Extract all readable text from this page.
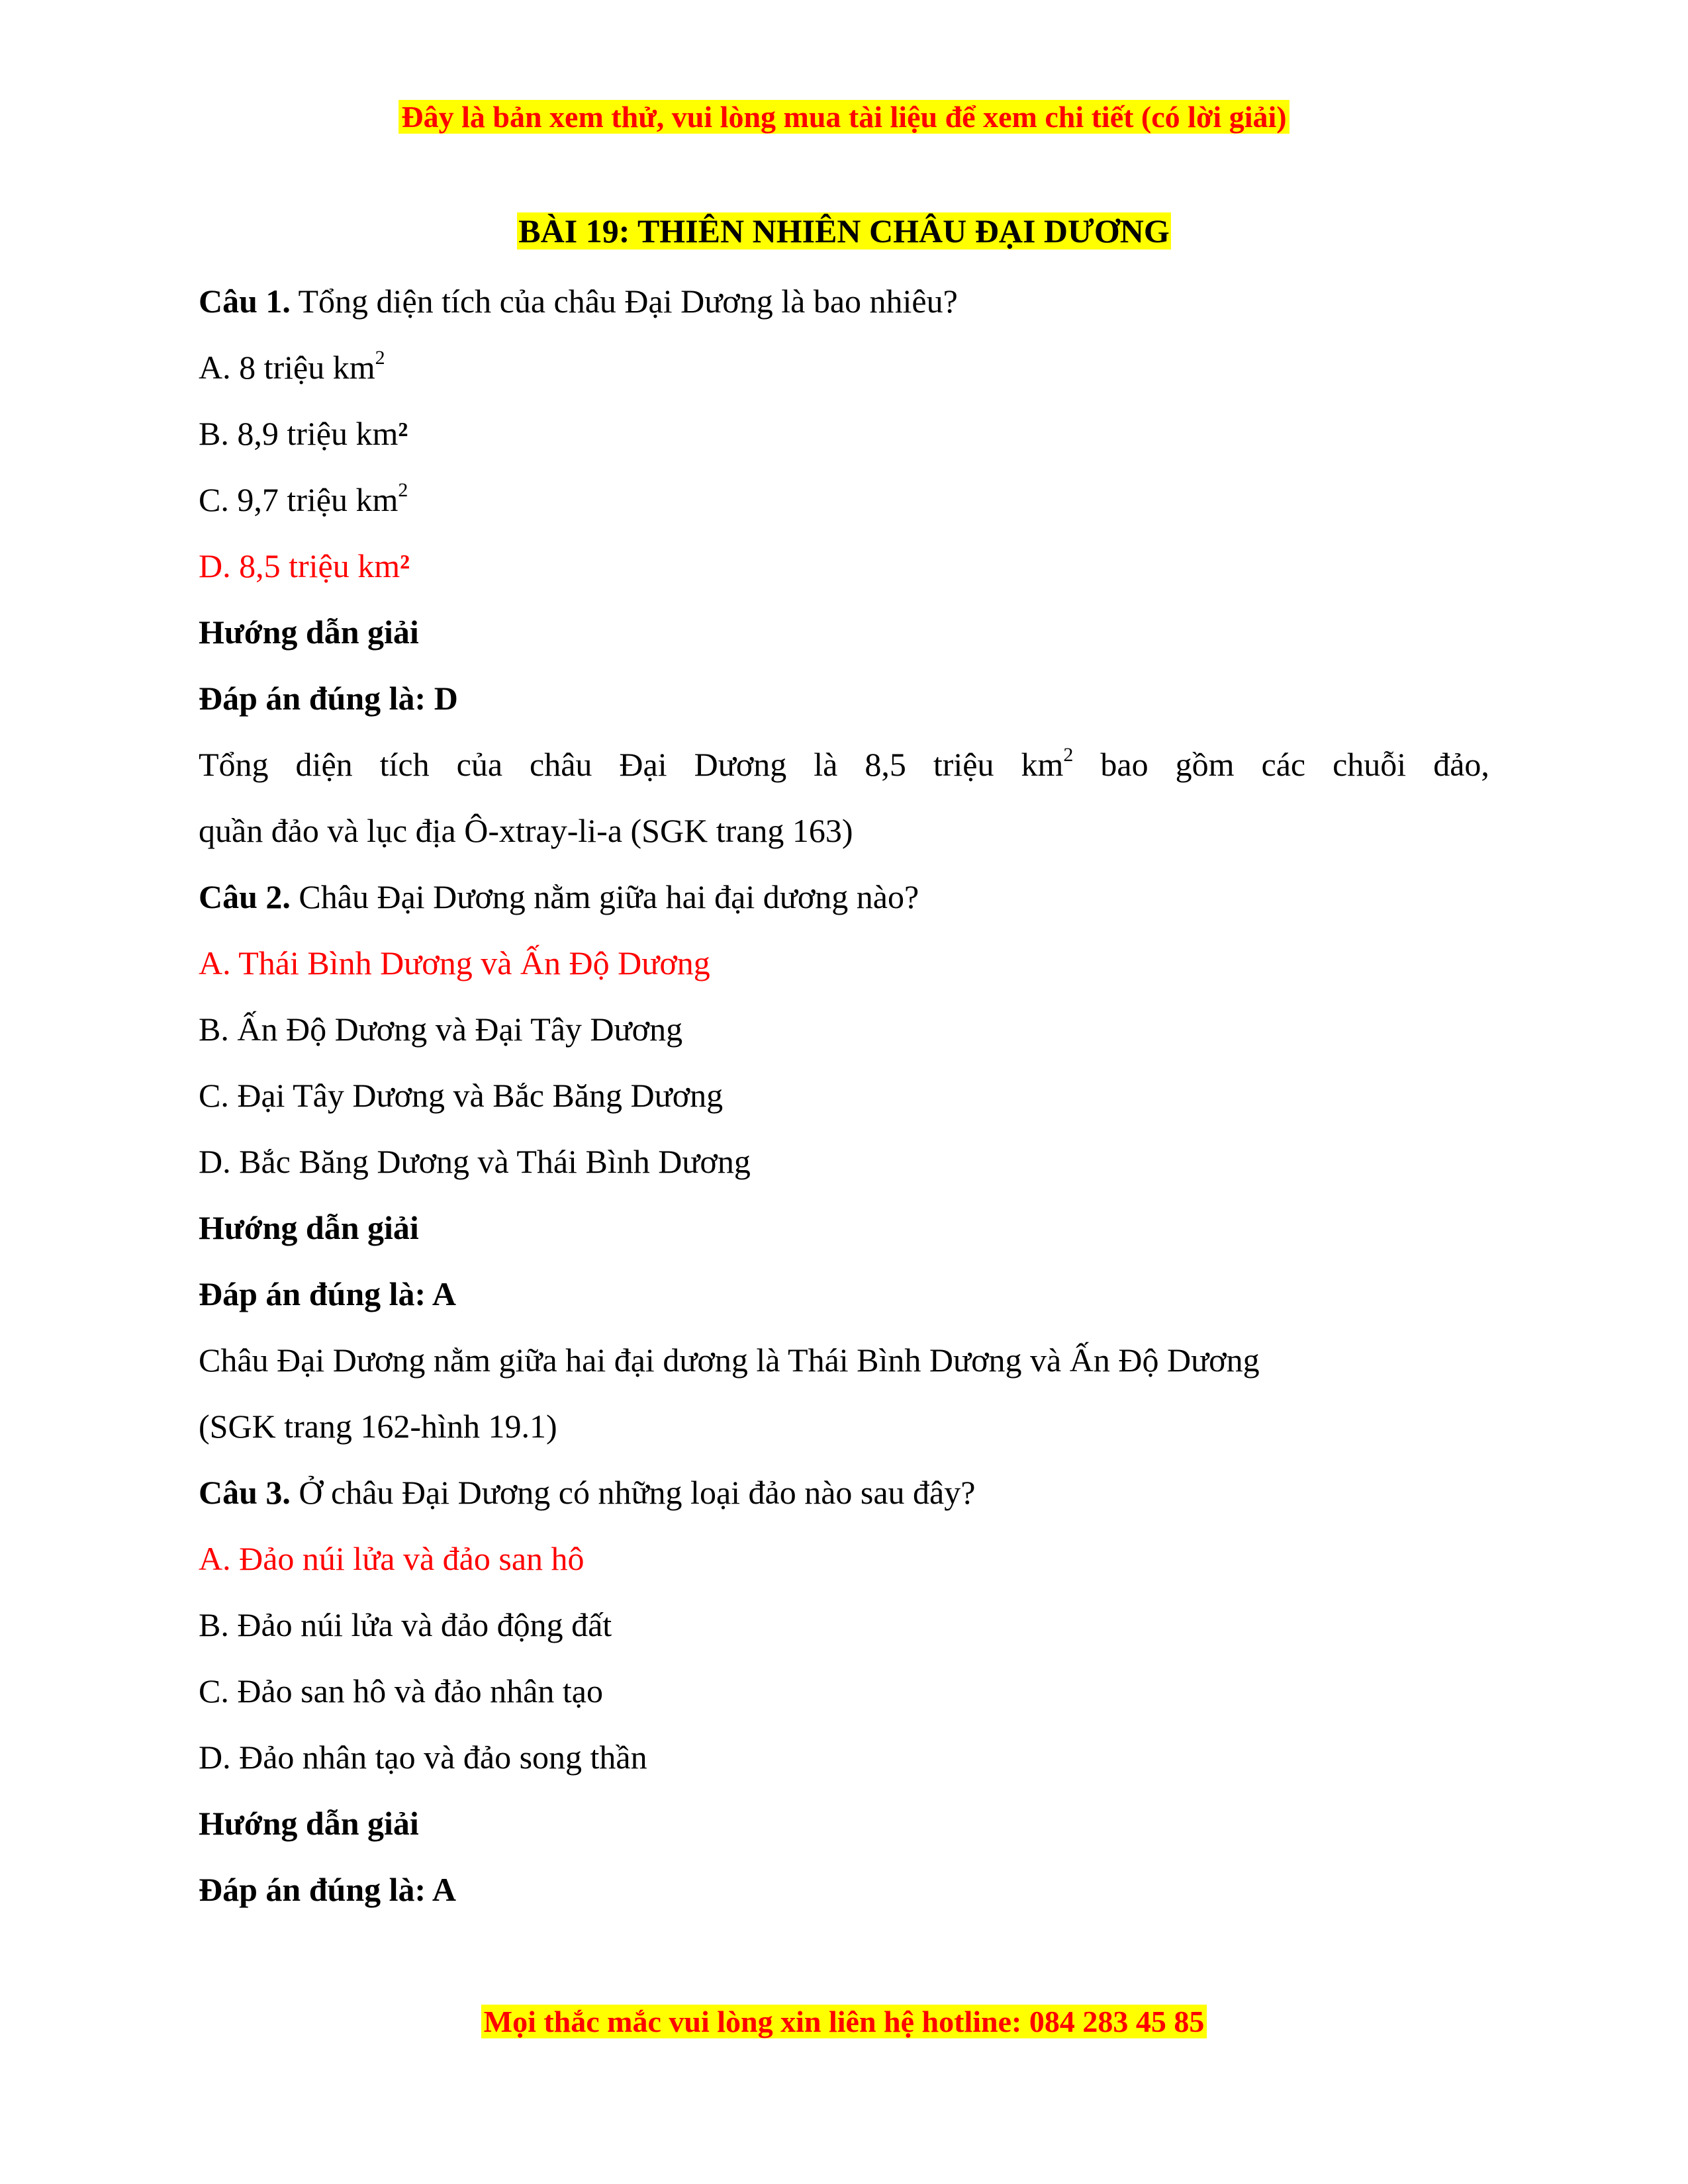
Đây là bản xem thử, vui lòng mua tài liệu để xem chi tiết (có lời giải)
BÀI 19: THIÊN NHIÊN CHÂU ĐẠI DƯƠNG
Câu 1. Tổng diện tích của châu Đại Dương là bao nhiêu?
A. 8 triệu $km^2$
B. 8,9 triệu km²
C. 9,7 triệu $km^2$
D. 8,5 triệu km²
Hướng dẫn giải
Đáp án đúng là: D
Tổng diện tích của châu Đại Dương là 8,5 triệu $km^2$ bao gồm các chuỗi đảo,
quần đảo và lục địa Ô-xtray-li-a (SGK trang 163)
Câu 2. Châu Đại Dương nằm giữa hai đại dương nào?
A. Thái Bình Dương và Ấn Độ Dương
B. Ấn Độ Dương và Đại Tây Dương
C. Đại Tây Dương và Bắc Băng Dương
D. Bắc Băng Dương và Thái Bình Dương
Hướng dẫn giải
Đáp án đúng là: A
Châu Đại Dương nằm giữa hai đại dương là Thái Bình Dương và Ấn Độ Dương
(SGK trang 162-hình 19.1)
Câu 3. Ở châu Đại Dương có những loại đảo nào sau đây?
A. Đảo núi lửa và đảo san hô
B. Đảo núi lửa và đảo động đất
C. Đảo san hô và đảo nhân tạo
D. Đảo nhân tạo và đảo song thần
Hướng dẫn giải
Đáp án đúng là: A
Mọi thắc mắc vui lòng xin liên hệ hotline: 084 283 45 85
